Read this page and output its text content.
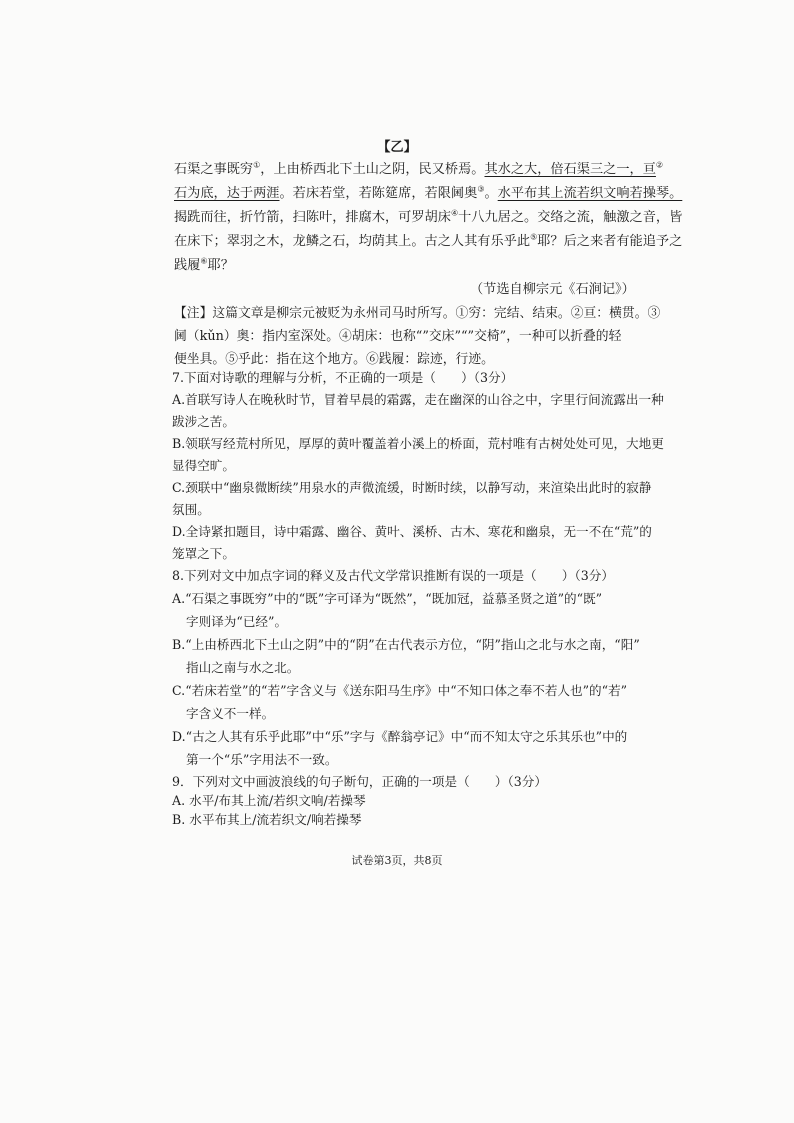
【乙】
石渠之事既穷①，上由桥西北下土山之阴，民又桥焉。其水之大，倍石渠三之一，亘②
石为底，达于两涯。若床若堂，若陈筵席，若限阃奥③。水平布其上流若织文响若操琴。
揭跣而往，折竹箭，扫陈叶，排腐木，可罗胡床④十八九居之。交络之流，触激之音，皆
在床下；翠羽之木，龙鳞之石，均荫其上。古之人其有乐乎此⑤耶？后之来者有能追予之
践履⑥耶？
（节选自柳宗元《石涧记》）
【注】这篇文章是柳宗元被贬为永州司马时所写。①穷：完结、结束。②亘：横贯。③
阃（kǔn）奥：指内室深处。④胡床：也称“”交床”“”交椅”，一种可以折叠的轻
便坐具。⑤乎此：指在这个地方。⑥践履：踪迹，行迹。
7.下面对诗歌的理解与分析，不正确的一项是（　　）（3分）
A.首联写诗人在晚秋时节，冒着早晨的霜露，走在幽深的山谷之中，字里行间流露出一种
跋涉之苦。
B.领联写经荒村所见，厚厚的黄叶覆盖着小溪上的桥面，荒村唯有古树处处可见，大地更
显得空旷。
C.颈联中“幽泉微断续”用泉水的声微流缓，时断时续，以静写动，来渲染出此时的寂静
氛围。
D.全诗紧扣题目，诗中霜露、幽谷、黄叶、溪桥、古木、寒花和幽泉，无一不在“荒”的
笼罩之下。
8.下列对文中加点字词的释义及古代文学常识推断有误的一项是（　　）（3分）
A.“石渠之事既穷”中的“既”字可译为“既然”，“既加冠，益慕圣贤之道”的“既”
字则译为“已经”。
B.“上由桥西北下土山之阴”中的“阴”在古代表示方位，“阴”指山之北与水之南，“阳”
指山之南与水之北。
C.“若床若堂”的“若”字含义与《送东阳马生序》中“不知口体之奉不若人也”的“若”
字含义不一样。
D.“古之人其有乐乎此耶”中“乐”字与《醉翁亭记》中“而不知太守之乐其乐也”中的
第一个“乐”字用法不一致。
9．下列对文中画波浪线的句子断句，正确的一项是（　　）（3分）
A. 水平/布其上流/若织文响/若操琴
B. 水平布其上/流若织文/响若操琴
试卷第3页，共8页
